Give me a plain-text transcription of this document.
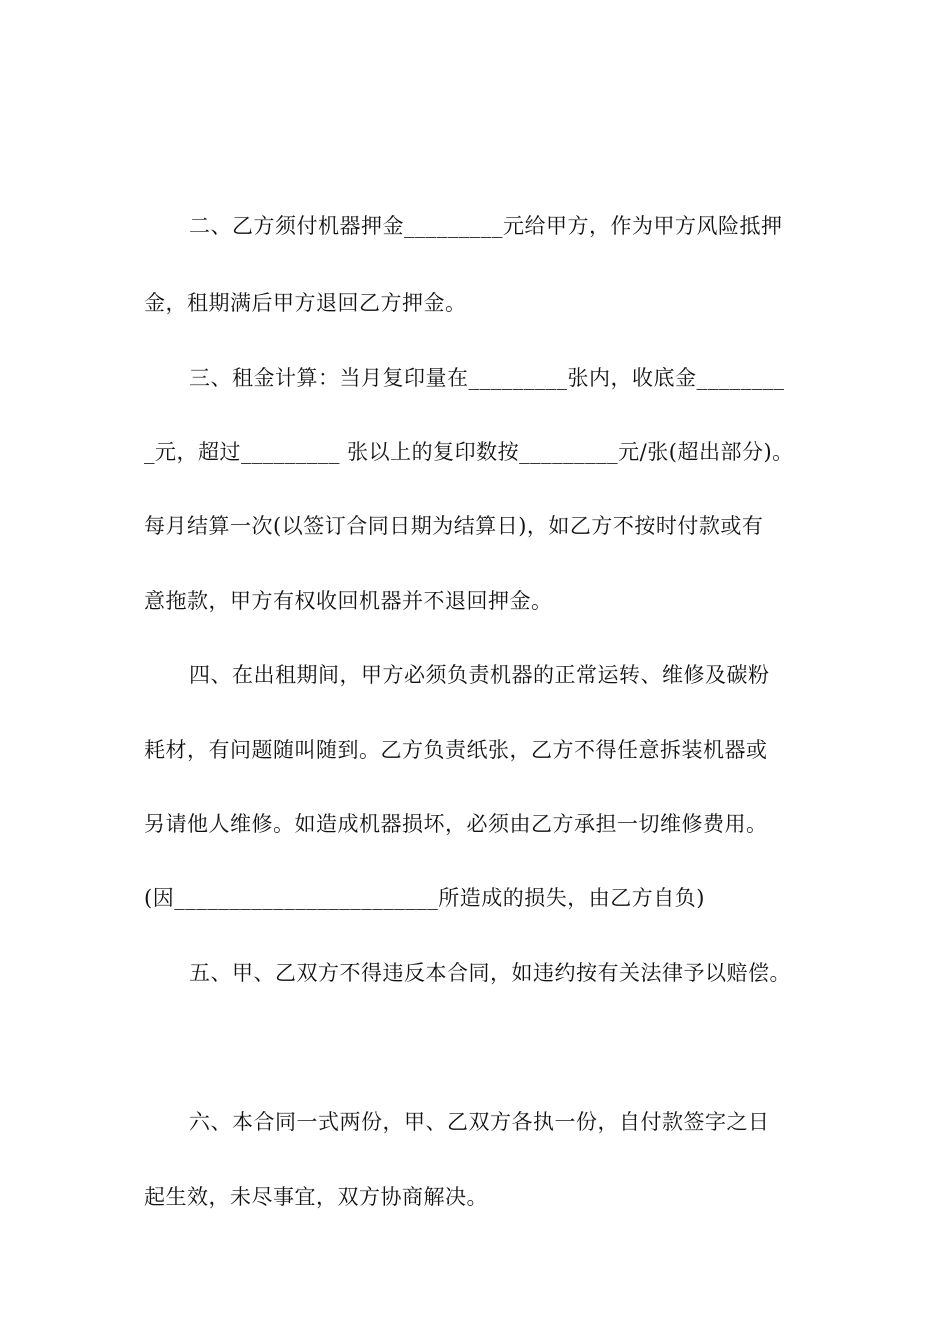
二、乙方须付机器押金_________元给甲方，作为甲方风险抵押
金，租期满后甲方退回乙方押金。
三、租金计算：当月复印量在_________张内，收底金________
_元，超过_________ 张以上的复印数按_________元/张(超出部分)。
每月结算一次(以签订合同日期为结算日)，如乙方不按时付款或有
意拖款，甲方有权收回机器并不退回押金。
四、在出租期间，甲方必须负责机器的正常运转、维修及碳粉
耗材，有问题随叫随到。乙方负责纸张，乙方不得任意拆装机器或
另请他人维修。如造成机器损坏，必须由乙方承担一切维修费用。
(因________________________所造成的损失，由乙方自负)
五、甲、乙双方不得违反本合同，如违约按有关法律予以赔偿。
六、本合同一式两份，甲、乙双方各执一份，自付款签字之日
起生效，未尽事宜，双方协商解决。
